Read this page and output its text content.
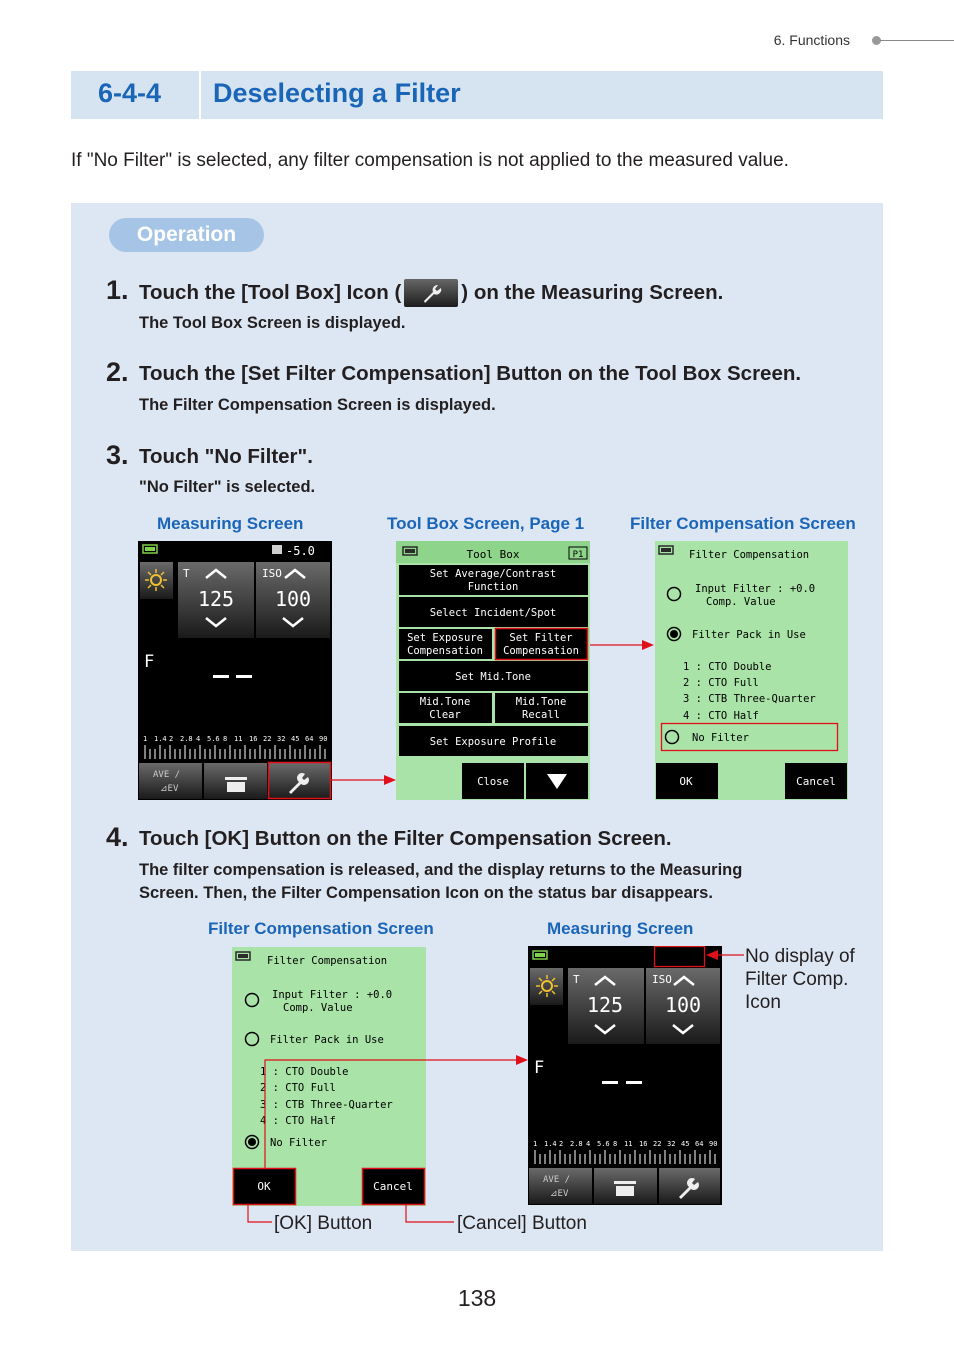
6. Functions
6-4-4 Deselecting a Filter
If "No Filter" is selected, any filter compensation is not applied to the measured value.
Operation
1. Touch the [Tool Box] Icon (	) on the Measuring Screen.
The Tool Box Screen is displayed.
2. Touch the [Set Filter Compensation] Button on the Tool Box Screen.
The Filter Compensation Screen is displayed.
3. Touch "No Filter".
"No Filter" is selected.
Measuring Screen	Tool Box Screen, Page 1	Filter Compensation Screen
-5.0
T
125
ISO
100
F
1 1.4 2 2.8 4 5.6 8 11 16 22 32 45 64 90
AVE /
⊿EV
Tool Box	P1
Set Average/Contrast
Function
Select Incident/Spot
Set Exposure
Compensation
Set Filter
Compensation
Set Mid.Tone
Mid.Tone
Clear
Mid.Tone
Recall
Set Exposure Profile
Close
Filter Compensation
Input Filter : +0.0
Comp. Value
Filter Pack in Use
1 : CTO Double
2 : CTO Full
3 : CTB Three-Quarter
4 : CTO Half
No Filter
OK	Cancel
4. Touch [OK] Button on the Filter Compensation Screen.
The filter compensation is released, and the display returns to the Measuring
Screen. Then, the Filter Compensation Icon on the status bar disappears.
Filter Compensation Screen	Measuring Screen
Filter Compensation
Input Filter : +0.0
Comp. Value
Filter Pack in Use
1 : CTO Double
2 : CTO Full
3 : CTB Three-Quarter
4 : CTO Half
No Filter
OK	Cancel
T
125
ISO
100
F
1 1.4 2 2.8 4 5.6 8 11 16 22 32 45 64 90
AVE /
⊿EV
No display of
Filter Comp.
Icon
[OK] Button	[Cancel] Button
138
